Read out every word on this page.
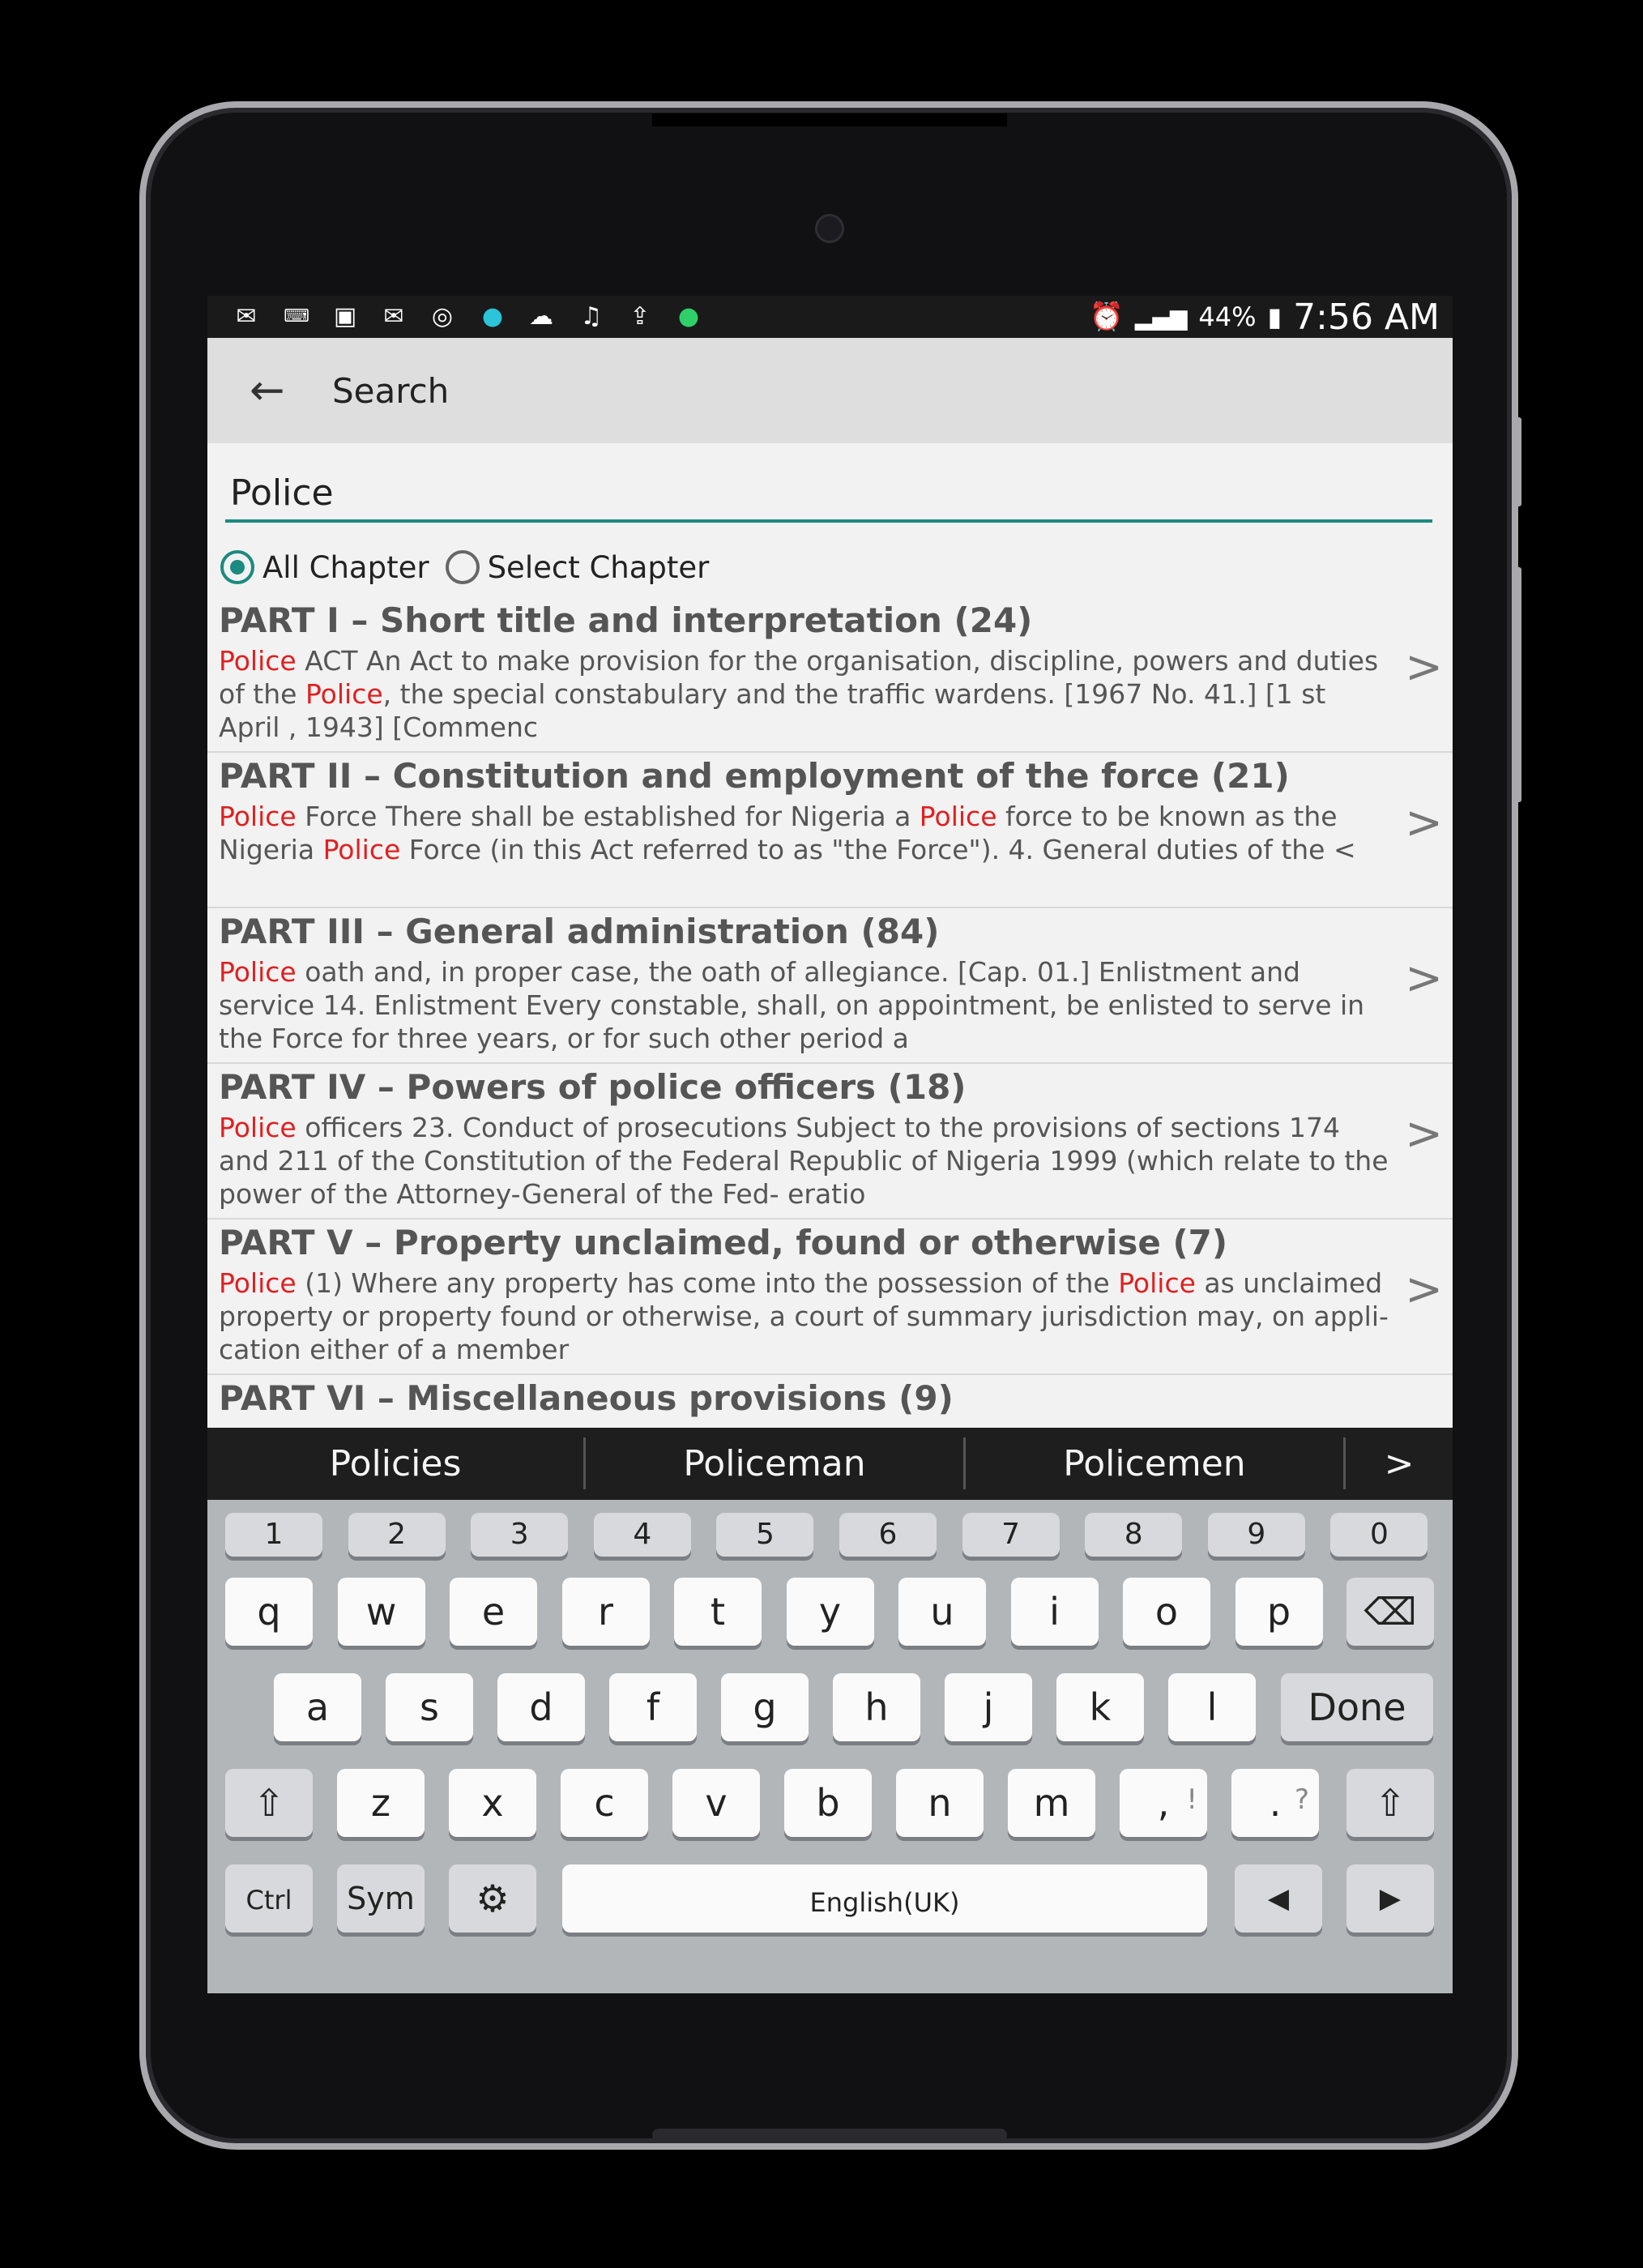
✉	⌨ ▣	✉	◎	●	☁	♫	⇪	●	⏰ ▂▄▆ 44% ▮ 7:56 AM
← Search
Police
All Chapter Select Chapter
PART I – Short title and interpretation (24)
Police ACT An Act to make provision for the organisation, discipline, powers and duties of the Police, the special constabulary and the traffic wardens. [1967 No. 41.] [1 st April , 1943] [Commenc
>
PART II – Constitution and employment of the force (21)
Police Force There shall be established for Nigeria a Police force to be known as the Nigeria Police Force (in this Act referred to as "the Force"). 4. General duties of the <
>
PART III – General administration (84)
Police oath and, in proper case, the oath of allegiance. [Cap. 01.] Enlistment and service 14. Enlistment Every constable, shall, on appointment, be enlisted to serve in the Force for three years, or for such other period a
>
PART IV – Powers of police officers (18)
Police officers 23. Conduct of prosecutions Subject to the provisions of sections 174 and 211 of the Constitution of the Federal Republic of Nigeria 1999 (which relate to the power of the Attorney-General of the Fed- eratio
>
PART V – Property unclaimed, found or otherwise (7)
Police (1) Where any property has come into the possession of the Police as unclaimed property or property found or otherwise, a court of summary jurisdiction may, on appli- cation either of a member
>
PART VI – Miscellaneous provisions (9)
Policies	Policeman	Policemen	>
1	2	3	4	5	6	7	8	9	0
q	w	e	r	t	y	u	i	o	p	⌫
a	s	d	f	g	h	j	k	l	Done
⇧	z	x	c	v	b	n	m	, !	. ?	⇧
Ctrl	Sym	⚙	English(UK)	◀	▶
